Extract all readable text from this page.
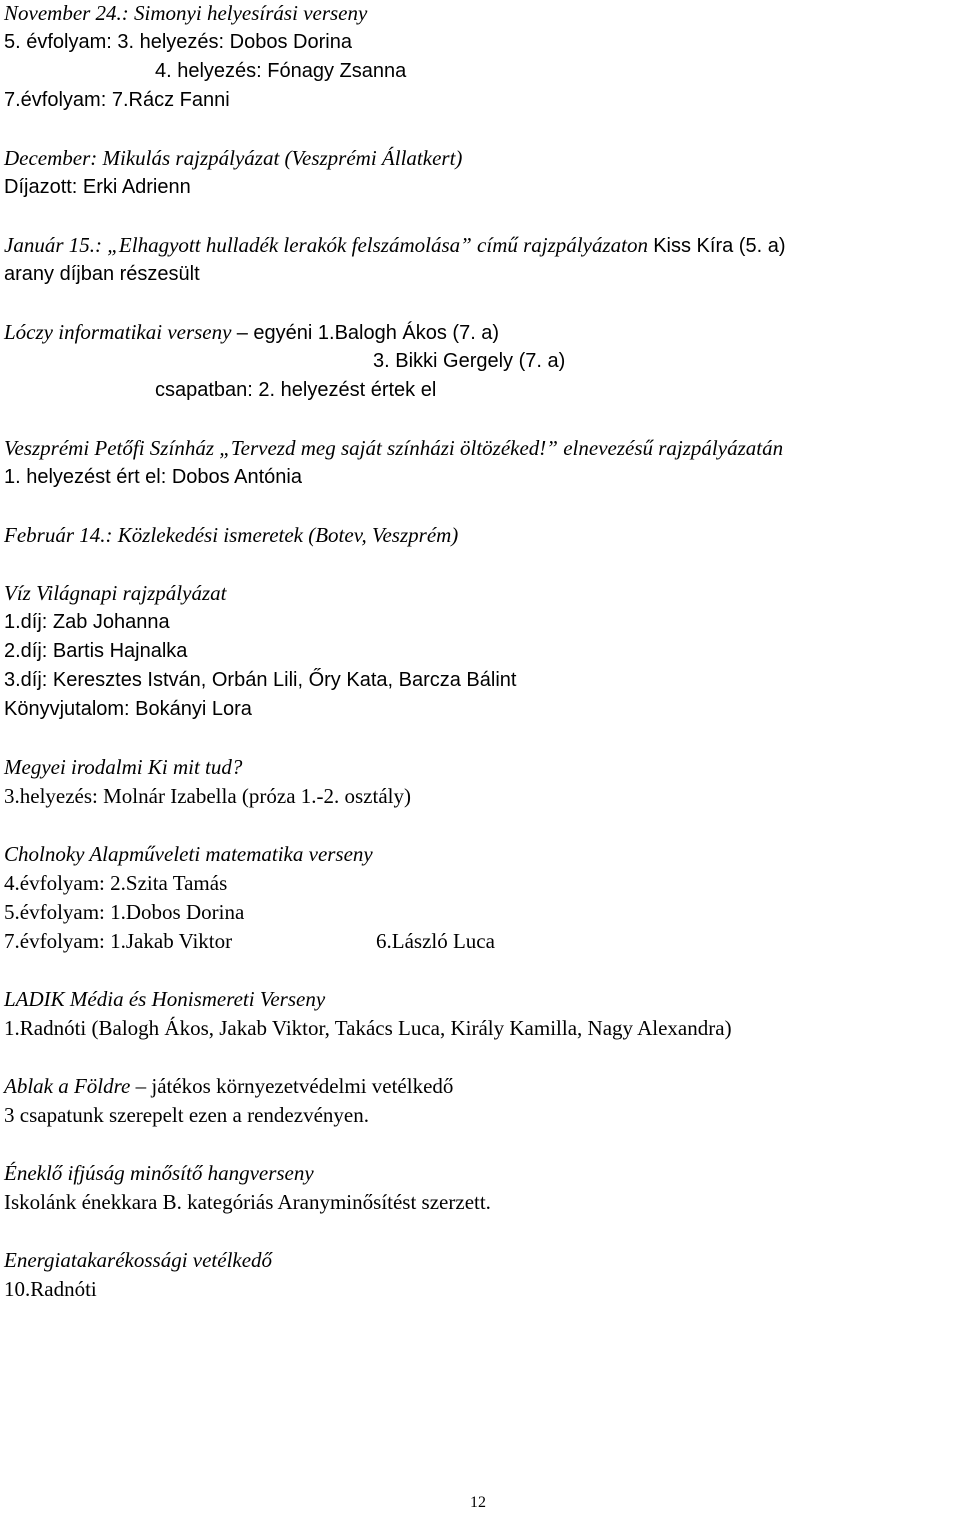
November 24.: Simonyi helyesírási verseny
5. évfolyam: 3. helyezés: Dobos Dorina
4. helyezés: Fónagy Zsanna
7.évfolyam: 7.Rácz Fanni
December: Mikulás rajzpályázat (Veszprémi Állatkert)
Díjazott: Erki Adrienn
Január 15.: „Elhagyott hulladék lerakók felszámolása” című rajzpályázaton Kiss Kíra (5. a)
arany díjban részesült
Lóczy informatikai verseny – egyéni 1.Balogh Ákos (7. a)
3. Bikki Gergely (7. a)
csapatban: 2. helyezést értek el
Veszprémi Petőfi Színház „Tervezd meg saját színházi öltözéked!” elnevezésű rajzpályázatán
1. helyezést ért el: Dobos Antónia
Február 14.: Közlekedési ismeretek (Botev, Veszprém)
Víz Világnapi rajzpályázat
1.díj: Zab Johanna
2.díj: Bartis Hajnalka
3.díj: Keresztes István, Orbán Lili, Őry Kata, Barcza Bálint
Könyvjutalom: Bokányi Lora
Megyei irodalmi Ki mit tud?
3.helyezés: Molnár Izabella (próza 1.-2. osztály)
Cholnoky Alapműveleti matematika verseny
4.évfolyam: 2.Szita Tamás
5.évfolyam: 1.Dobos Dorina
7.évfolyam: 1.Jakab Viktor	6.László Luca
LADIK Média és Honismereti Verseny
1.Radnóti (Balogh Ákos, Jakab Viktor, Takács Luca, Király Kamilla, Nagy Alexandra)
Ablak a Földre – játékos környezetvédelmi vetélkedő
3 csapatunk szerepelt ezen a rendezvényen.
Éneklő ifjúság minősítő hangverseny
Iskolánk énekkara B. kategóriás Aranyminősítést szerzett.
Energiatakarékossági vetélkedő
10.Radnóti
12
